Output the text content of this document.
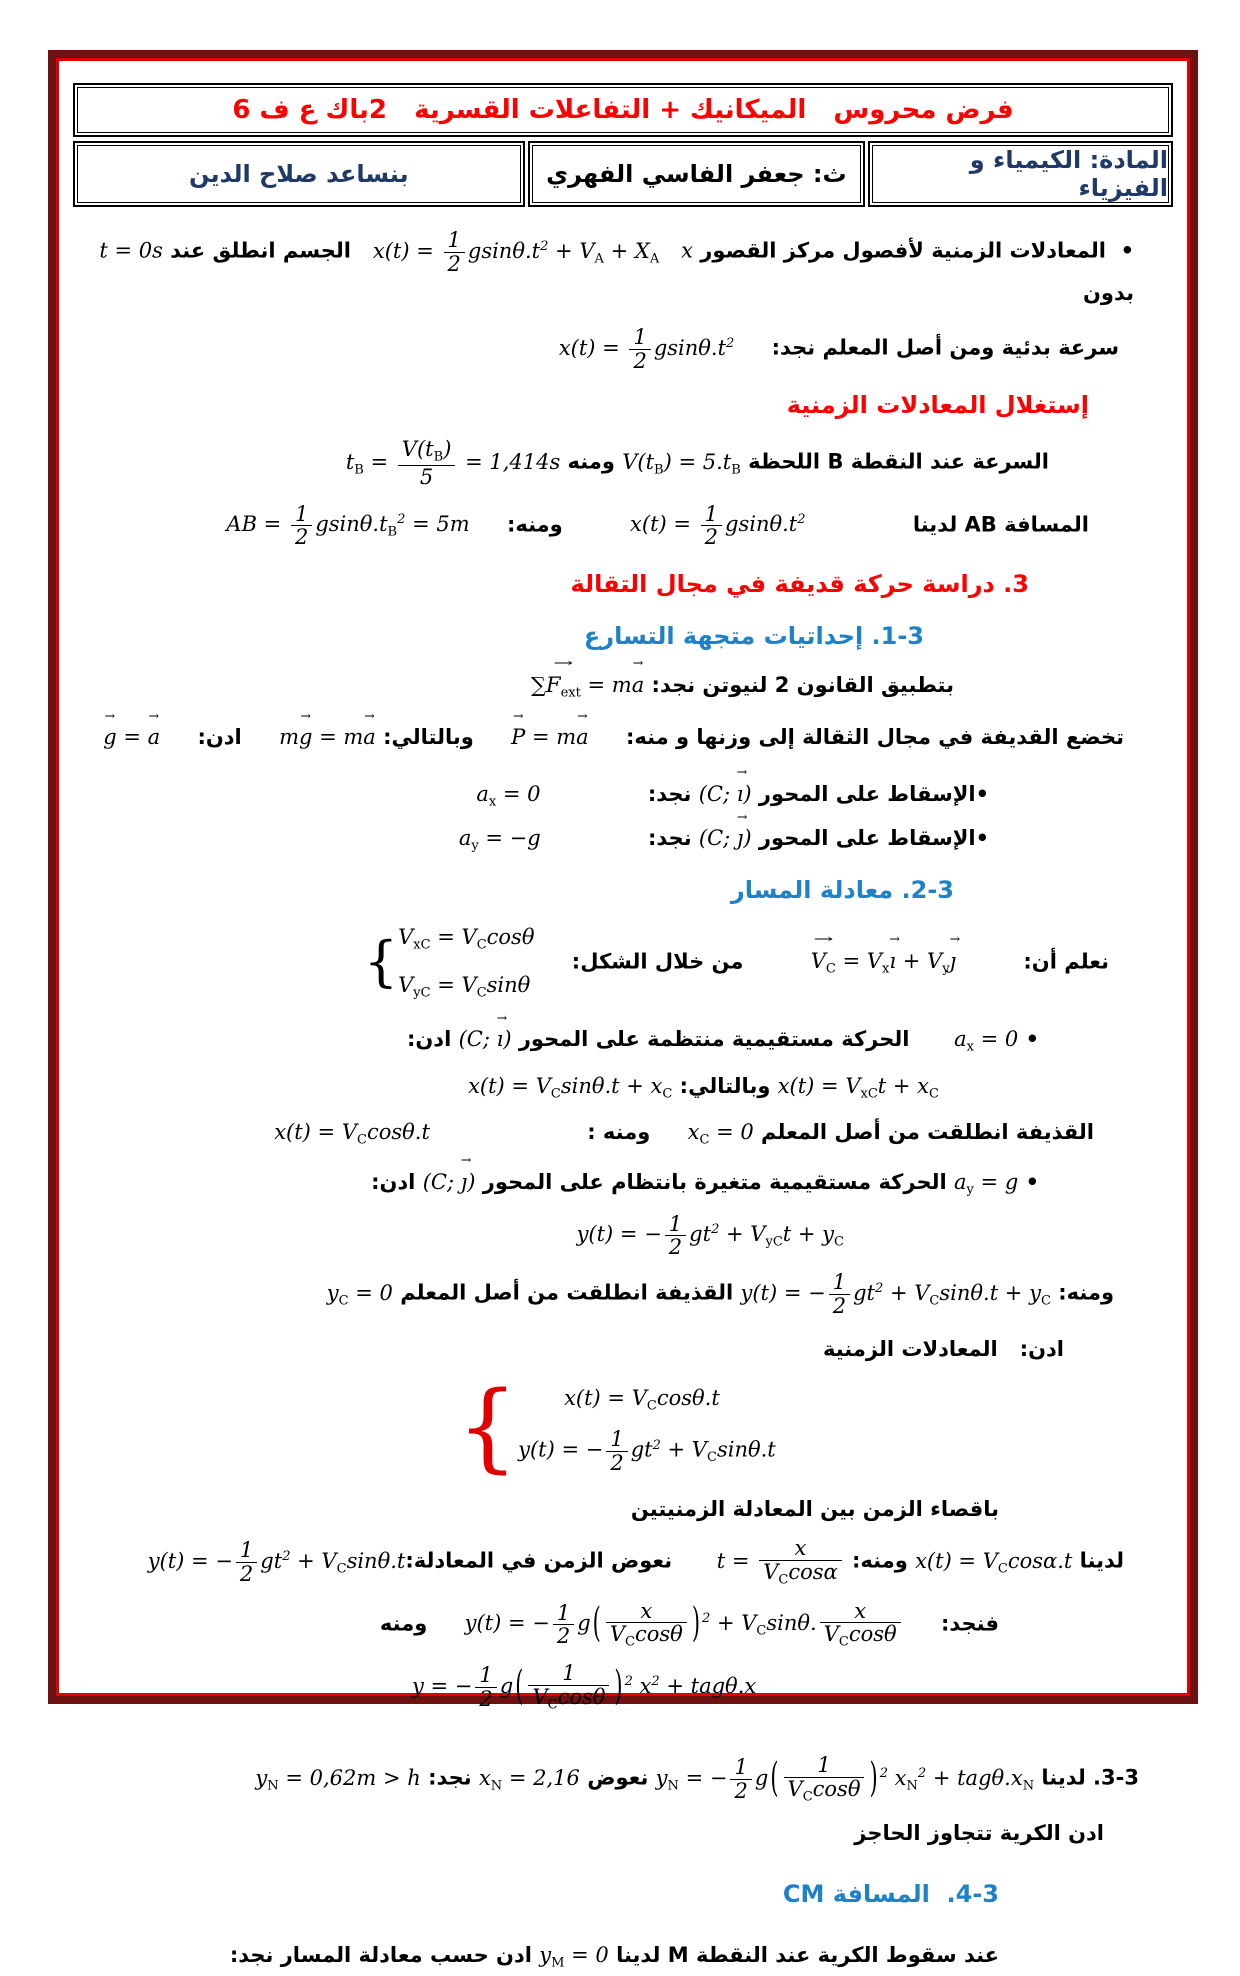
فرض محروس   الميكانيك + التفاعلات القسرية   2باك ع ف 6
المادة: الكيمياء و الفيزياء
ث: جعفر الفاسي الفهري
بنساعد صلاح الدين
•  المعادلات الزمنية لأفصول مركز القصور x   $x(t) = \frac{1}{2} gsin\theta.t^2 + V_A + X_A$   الجسم انطلق عند t = 0s بدون
سرعة بدئية ومن أصل المعلم نجد: $x(t) = \frac{1}{2} gsin\theta.t^2$
إستغلال المعادلات الزمنية
السرعة عند النقطة B اللحظة $V(t_B) = 5.t_B$ ومنه $t_B = \frac{V(t_B)}{5} = 1,414s$
المسافة AB لدينا $x(t) = \frac{1}{2} gsin\theta.t^2$ ومنه: AB = $\frac{1}{2} gsin\theta.t_B^2 = 5m$
3. دراسة حركة قديفة في مجال التقالة
1-3. إحداتيات متجهة التسارع
بتطبيق القانون 2 لنيوتن نجد: ∑→ $F_{ext} = m\to a$
تخضع القديفة في مجال الثقالة إلى وزنها و منه: → P = m→ a وبالتالي: m→ g = m→ a ادن: → g = → a
•الإسقاط على المحور (C; → ı) نجد: $a_x = 0$
•الإسقاط على المحور (C; → ȷ) نجد: $a_y = -g$
2-3. معادلة المسار
نعلم أن: → $V_C = V_x\to$ ı + $V_y\to$ ȷ من خلال الشكل:
{ $V_{xC} = V_C\cos\theta$
$V_{yC} = V_C\sin\theta$
• $a_x = 0$  الحركة مستقيمية منتظمة على المحور (C; → ı) ادن:
$x(t) = V_{xC}t + x_C$ وبالتالي: $x(t) = V_C\sin\theta.t + x_C$
القذيفة انطلقت من أصل المعلم $x_C = 0$ ومنه : $x(t) = V_C\cos\theta.t$
• $a_y = g$ الحركة مستقيمية متغيرة بانتظام على المحور (C; → ȷ) ادن:
y(t) = − $\frac{1}{2} gt^2 + V_{yC}t + y_C$
ومنه: y(t) = − $\frac{1}{2} gt^2 + V_C\sin\theta.t + y_C$ القذيفة انطلقت من أصل المعلم $y_C = 0$
ادن:   المعادلات الزمنية
{ $x(t) = V_C\cos\theta.t$
y(t) = − $\frac{1}{2} gt^2 + V_C\sin\theta.t$
باقصاء الزمن بين المعادلة الزمنيتين
لدينا $x(t) = V_C\cos\alpha.t$ ومنه: $t = \frac{x}{V_C\cos\alpha}$
نعوض الزمن في المعادلة:y(t) = − $\frac{1}{2} gt^2 + V_C\sin\theta.t$
فنجد: y(t) = − $\frac{1}{2} g( \frac{x}{V_C\cos\theta}$ ) $^2 + V_C\sin\theta$. $\frac{x}{V_C\cos\theta}$
ومنه
y = − $\frac{1}{2} g( \frac{1}{V_C\cos\theta}$ ) $^2$ $x^2 + tag\theta.x$
3-3. لدينا $y_N$ = − $\frac{1}{2} g( \frac{1}{V_C\cos\theta}$ ) $^2$ $x_N^2 + tag\theta.x_N$ نعوض $x_N = 2,16$ نجد: $y_N = 0,62m > h$
ادن الكرية تتجاوز الحاجز
4-3.  المسافة CM
عند سقوط الكرية عند النقطة M لدينا $y_M = 0$ ادن حسب معادلة المسار نجد:
